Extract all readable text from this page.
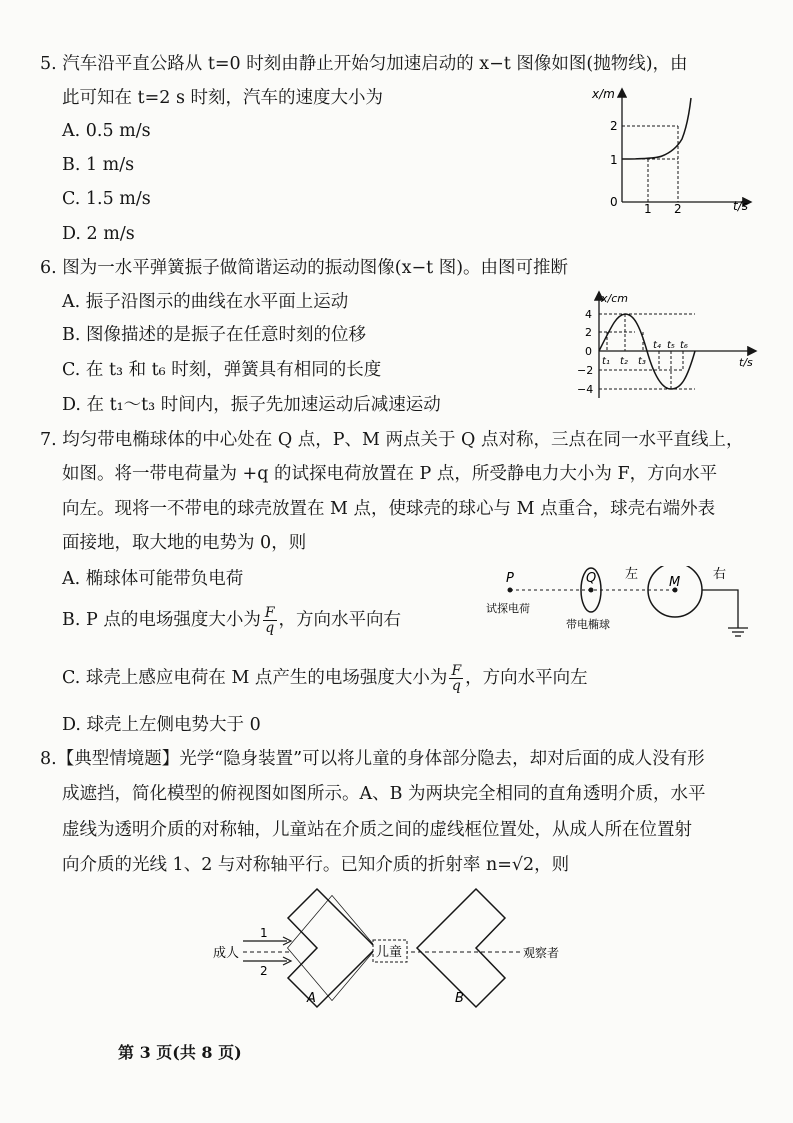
5. 汽车沿平直公路从 t=0 时刻由静止开始匀加速启动的 x−t 图像如图(抛物线)，由
此可知在 t=2 s 时刻，汽车的速度大小为
A. 0.5 m/s
B. 1 m/s
C. 1.5 m/s
D. 2 m/s
x/m
t/s
0
1
2
1 2
6. 图为一水平弹簧振子做简谐运动的振动图像(x−t 图)。由图可推断
A. 振子沿图示的曲线在水平面上运动
B. 图像描述的是振子在任意时刻的位移
C. 在 t₃ 和 t₆ 时刻，弹簧具有相同的长度
D. 在 t₁～t₃ 时间内，振子先加速运动后减速运动
x/cm
t/s
0
4
2
−2
−4
t₁ t₂ t₃
t₄ t₅ t₆
7. 均匀带电椭球体的中心处在 Q 点，P、M 两点关于 Q 点对称，三点在同一水平直线上，
如图。将一带电荷量为 +q 的试探电荷放置在 P 点，所受静电力大小为 F，方向水平
向左。现将一不带电的球壳放置在 M 点，使球壳的球心与 M 点重合，球壳右端外表
面接地，取大地的电势为 0，则
A. 椭球体可能带负电荷
B. P 点的电场强度大小为 $\frac{F}{q}$ ，方向水平向右
C. 球壳上感应电荷在 M 点产生的电场强度大小为 $\frac{F}{q}$ ，方向水平向左
D. 球壳上左侧电势大于 0
P	Q	M
左	右
试探电荷
带电椭球
8.【典型情境题】光学“隐身装置”可以将儿童的身体部分隐去，却对后面的成人没有形
成遮挡，简化模型的俯视图如图所示。A、B 为两块完全相同的直角透明介质，水平
虚线为透明介质的对称轴，儿童站在介质之间的虚线框位置处，从成人所在位置射
向介质的光线 1、2 与对称轴平行。已知介质的折射率 n=√2，则
成人	儿童	观察者
1
2
A	B
第 3 页(共 8 页)
